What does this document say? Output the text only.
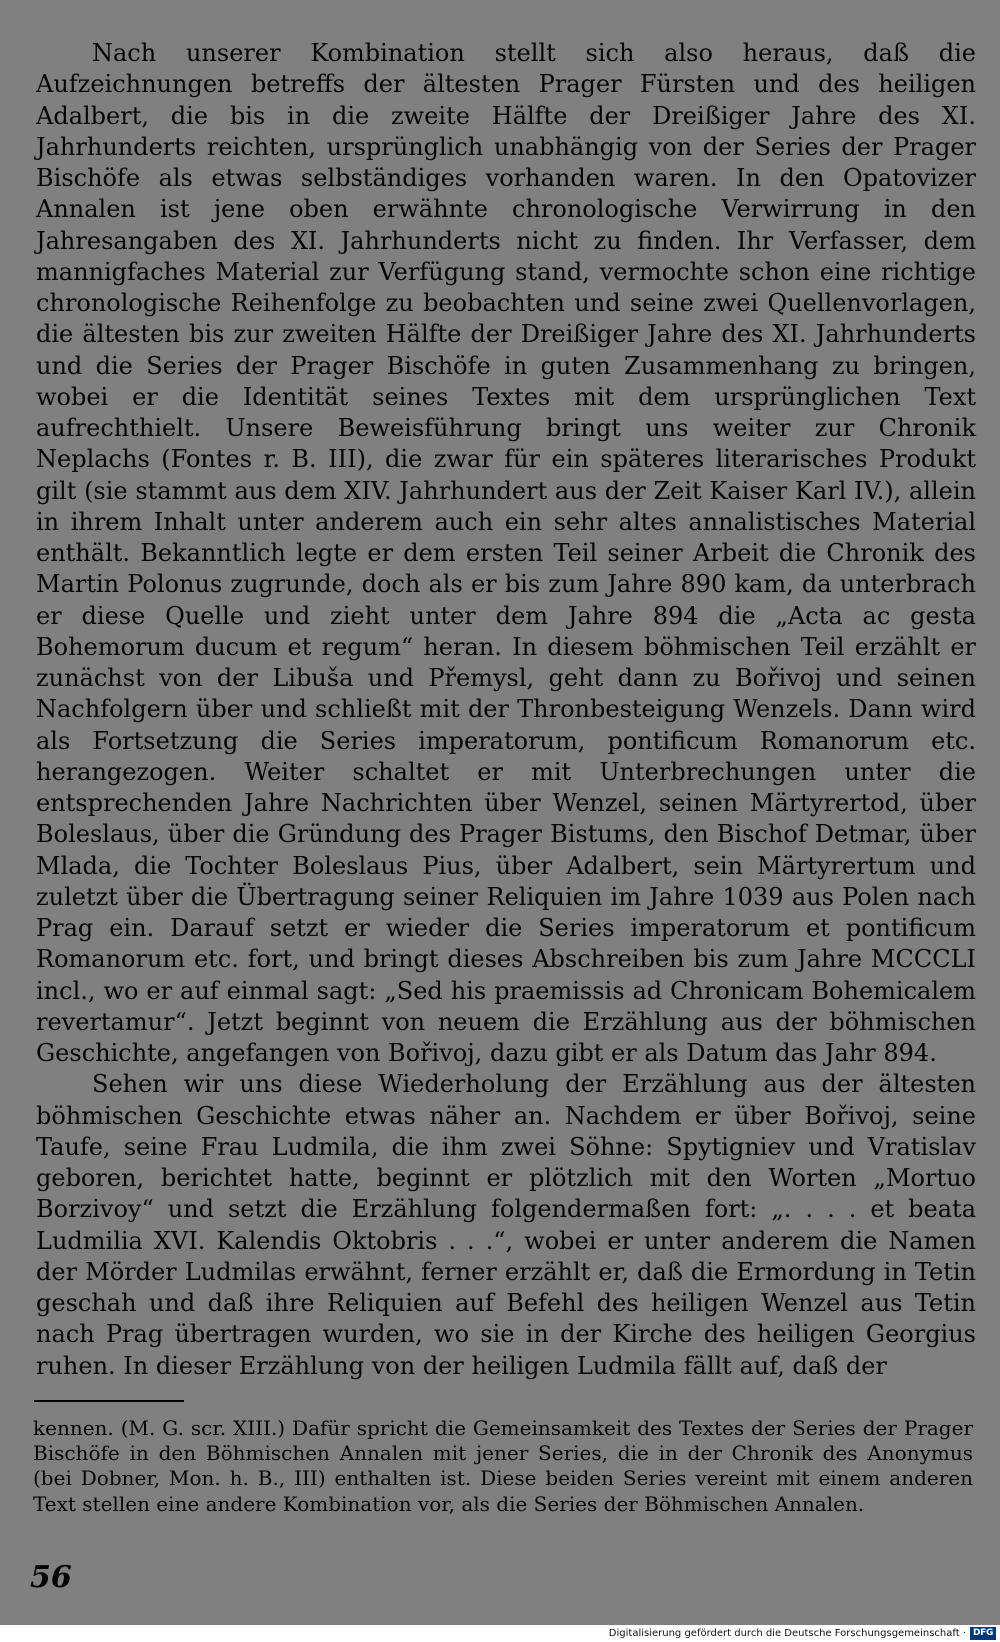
Nach unserer Kombination stellt sich also heraus, daß die Aufzeichnungen betreffs der ältesten Prager Fürsten und des heiligen Adalbert, die bis in die zweite Hälfte der Dreißiger Jahre des XI. Jahrhunderts reichten, ursprünglich unabhängig von der Series der Prager Bischöfe als etwas selbständiges vorhanden waren. In den Opatovizer Annalen ist jene oben erwähnte chronologische Verwirrung in den Jahresangaben des XI. Jahrhunderts nicht zu finden. Ihr Verfasser, dem mannigfaches Material zur Verfügung stand, vermochte schon eine richtige chronologische Reihenfolge zu beobachten und seine zwei Quellenvorlagen, die ältesten bis zur zweiten Hälfte der Dreißiger Jahre des XI. Jahrhunderts und die Series der Prager Bischöfe in guten Zusammenhang zu bringen, wobei er die Identität seines Textes mit dem ursprünglichen Text aufrechthielt. Unsere Beweisführung bringt uns weiter zur Chronik Neplachs (Fontes r. B. III), die zwar für ein späteres literarisches Produkt gilt (sie stammt aus dem XIV. Jahrhundert aus der Zeit Kaiser Karl IV.), allein in ihrem Inhalt unter anderem auch ein sehr altes annalistisches Material enthält. Bekanntlich legte er dem ersten Teil seiner Arbeit die Chronik des Martin Polonus zugrunde, doch als er bis zum Jahre 890 kam, da unterbrach er diese Quelle und zieht unter dem Jahre 894 die „Acta ac gesta Bohemorum ducum et regum“ heran. In diesem böhmischen Teil erzählt er zunächst von der Libuša und Přemysl, geht dann zu Bořivoj und seinen Nachfolgern über und schließt mit der Thronbesteigung Wenzels. Dann wird als Fortsetzung die Series imperatorum, pontificum Romanorum etc. herangezogen. Weiter schaltet er mit Unterbrechungen unter die entsprechenden Jahre Nachrichten über Wenzel, seinen Märtyrertod, über Boleslaus, über die Gründung des Prager Bistums, den Bischof Detmar, über Mlada, die Tochter Boleslaus Pius, über Adalbert, sein Märtyrertum und zuletzt über die Übertragung seiner Reliquien im Jahre 1039 aus Polen nach Prag ein. Darauf setzt er wieder die Series imperatorum et pontificum Romanorum etc. fort, und bringt dieses Abschreiben bis zum Jahre MCCCLI incl., wo er auf einmal sagt: „Sed his praemissis ad Chronicam Bohemicalem revertamur“. Jetzt beginnt von neuem die Erzählung aus der böhmischen Geschichte, angefangen von Bořivoj, dazu gibt er als Datum das Jahr 894.

Sehen wir uns diese Wiederholung der Erzählung aus der ältesten böhmischen Geschichte etwas näher an. Nachdem er über Bořivoj, seine Taufe, seine Frau Ludmila, die ihm zwei Söhne: Spytigniev und Vratislav geboren, berichtet hatte, beginnt er plötzlich mit den Worten „Mortuo Borzivoy“ und setzt die Erzählung folgendermaßen fort: „. . . . et beata Ludmilia XVI. Kalendis Oktobris . . .“, wobei er unter anderem die Namen der Mörder Ludmilas erwähnt, ferner erzählt er, daß die Ermordung in Tetin geschah und daß ihre Reliquien auf Befehl des heiligen Wenzel aus Tetin nach Prag übertragen wurden, wo sie in der Kirche des heiligen Georgius ruhen. In dieser Erzählung von der heiligen Ludmila fällt auf, daß der

kennen. (M. G. scr. XIII.) Dafür spricht die Gemeinsamkeit des Textes der Series der Prager Bischöfe in den Böhmischen Annalen mit jener Series, die in der Chronik des Anonymus (bei Dobner, Mon. h. B., III) enthalten ist. Diese beiden Series vereint mit einem anderen Text stellen eine andere Kombination vor, als die Series der Böhmischen Annalen.

56
Digitalisierung gefördert durch die Deutsche Forschungsgemeinschaft · DFG
